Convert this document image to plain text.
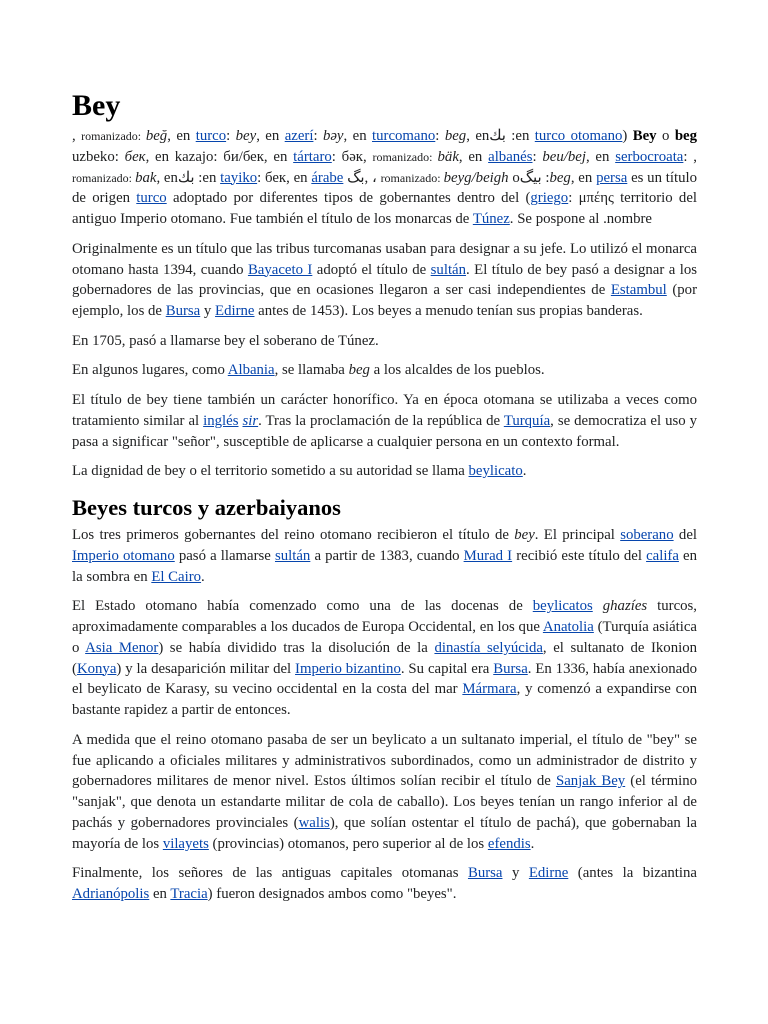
Bey

, romanizado: beğ, en turco: bey, en azerí: bəy, en turcomano: beg, enبك :en turco otomano) Bey o beg uzbeko: бек, en kazajo: би/бек, en tártaro: бәк, romanizado: bäk, en albanés: beu/bej, en serbocroata: , romanizado: bak, enبك :en tayiko: бек, en árabe بگ, ، romanizado: beyg/beigh oبیگ :beg, en persa es un título de origen turco adoptado por diferentes tipos de gobernantes dentro del (griego: μπέης territorio del antiguo Imperio otomano. Fue también el título de los monarcas de Túnez. Se pospone al .nombre

Originalmente es un título que las tribus turcomanas usaban para designar a su jefe. Lo utilizó el monarca otomano hasta 1394, cuando Bayaceto I adoptó el título de sultán. El título de bey pasó a designar a los gobernadores de las provincias, que en ocasiones llegaron a ser casi independientes de Estambul (por ejemplo, los de Bursa y Edirne antes de 1453). Los beyes a menudo tenían sus propias banderas.

En 1705, pasó a llamarse bey el soberano de Túnez.

En algunos lugares, como Albania, se llamaba beg a los alcaldes de los pueblos.

El título de bey tiene también un carácter honorífico. Ya en época otomana se utilizaba a veces como tratamiento similar al inglés sir. Tras la proclamación de la república de Turquía, se democratiza el uso y pasa a significar "señor", susceptible de aplicarse a cualquier persona en un contexto formal.

La dignidad de bey o el territorio sometido a su autoridad se llama beylicato.

Beyes turcos y azerbaiyanos

Los tres primeros gobernantes del reino otomano recibieron el título de bey. El principal soberano del Imperio otomano pasó a llamarse sultán a partir de 1383, cuando Murad I recibió este título del califa en la sombra en El Cairo.

El Estado otomano había comenzado como una de las docenas de beylicatos ghazíes turcos, aproximadamente comparables a los ducados de Europa Occidental, en los que Anatolia (Turquía asiática o Asia Menor) se había dividido tras la disolución de la dinastía selyúcida, el sultanato de Ikonion (Konya) y la desaparición militar del Imperio bizantino. Su capital era Bursa. En 1336, había anexionado el beylicato de Karasy, su vecino occidental en la costa del mar Mármara, y comenzó a expandirse con bastante rapidez a partir de entonces.

A medida que el reino otomano pasaba de ser un beylicato a un sultanato imperial, el título de "bey" se fue aplicando a oficiales militares y administrativos subordinados, como un administrador de distrito y gobernadores militares de menor nivel. Estos últimos solían recibir el título de Sanjak Bey (el término "sanjak", que denota un estandarte militar de cola de caballo). Los beyes tenían un rango inferior al de pachás y gobernadores provinciales (walis), que solían ostentar el título de pachá), que gobernaban la mayoría de los vilayets (provincias) otomanos, pero superior al de los efendis.

Finalmente, los señores de las antiguas capitales otomanas Bursa y Edirne (antes la bizantina Adrianópolis en Tracia) fueron designados ambos como "beyes".
